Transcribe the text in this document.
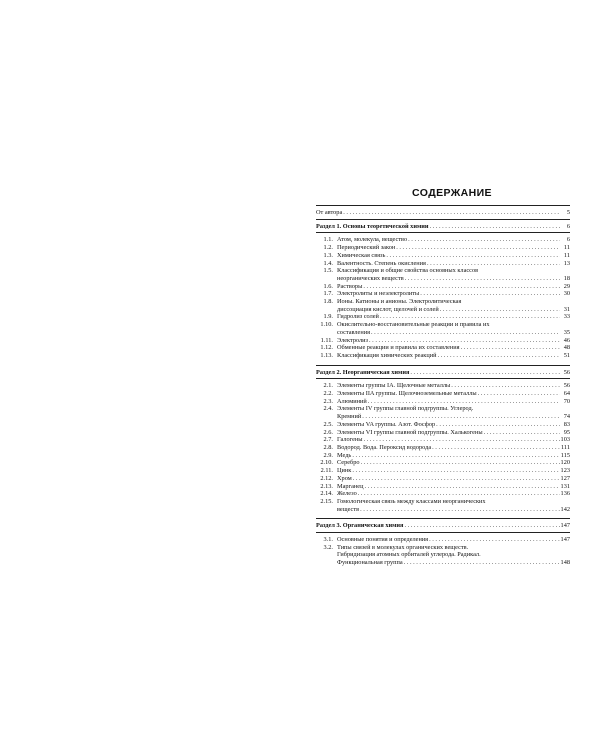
СОДЕРЖАНИЕ
От автора . . .	5
Раздел 1. Основы теоретической химии . . .	6
1.1. Атом, молекула, вещество . . .	6
1.2. Периодический закон . . .	11
1.3. Химическая связь . . .	11
1.4. Валентность. Степень окисления . . .	13
1.5. Классификация и общие свойства основных классов
неорганических веществ . . .	18
1.6. Растворы . . .	29
1.7. Электролиты и неэлектролиты . . .	30
1.8. Ионы. Катионы и анионы. Электролитическая
диссоциация кислот, щелочей и солей . . .	31
1.9. Гидролиз солей . . .	33
1.10. Окислительно-восстановительные реакции и правила их
составления . . .	35
1.11. Электролиз . . .	46
1.12. Обменные реакции и правила их составления . . .	48
1.13. Классификация химических реакций . . .	51
Раздел 2. Неорганическая химия . . .	56
2.1. Элементы группы IA. Щелочные металлы . . .	56
2.2. Элементы IIA группы. Щелочноземельные металлы . . .	64
2.3. Алюминий . . .	70
2.4. Элементы IV группы главной подгруппы. Углерод.
Кремний . . .	74
2.5. Элементы VA группы. Азот. Фосфор . . .	83
2.6. Элементы VI группы главной подгруппы. Халькогены . . .	95
2.7. Галогены . . .	103
2.8. Водород. Вода. Пероксид водорода . . .	111
2.9. Медь . . .	115
2.10. Серебро . . .	120
2.11. Цинк . . .	123
2.12. Хром . . .	127
2.13. Марганец . . .	131
2.14. Железо . . .	136
2.15. Гомологическая связь между классами неорганических
веществ . . .	142
Раздел 3. Органическая химия . . .	147
3.1. Основные понятия и определения . . .	147
3.2. Типы связей в молекулах органических веществ.
Гибридизация атомных орбиталей углерода. Радикал.
Функциональная группа . . .	148
